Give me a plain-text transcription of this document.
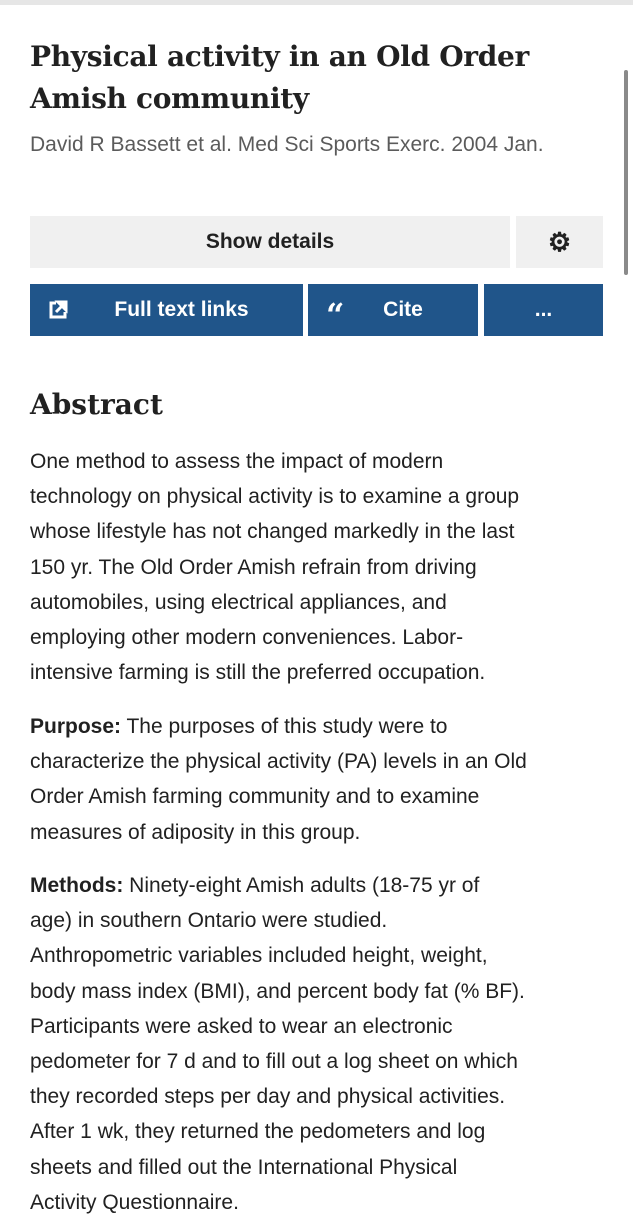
Physical activity in an Old Order Amish community
David R Bassett et al. Med Sci Sports Exerc. 2004 Jan.
Show details	⚙
Full text links “ Cite	...
Abstract
One method to assess the impact of modern
technology on physical activity is to examine a group
whose lifestyle has not changed markedly in the last
150 yr. The Old Order Amish refrain from driving
automobiles, using electrical appliances, and
employing other modern conveniences. Labor-
intensive farming is still the preferred occupation.
Purpose: The purposes of this study were to
characterize the physical activity (PA) levels in an Old
Order Amish farming community and to examine
measures of adiposity in this group.
Methods: Ninety-eight Amish adults (18-75 yr of
age) in southern Ontario were studied.
Anthropometric variables included height, weight,
body mass index (BMI), and percent body fat (% BF).
Participants were asked to wear an electronic
pedometer for 7 d and to fill out a log sheet on which
they recorded steps per day and physical activities.
After 1 wk, they returned the pedometers and log
sheets and filled out the International Physical
Activity Questionnaire.
